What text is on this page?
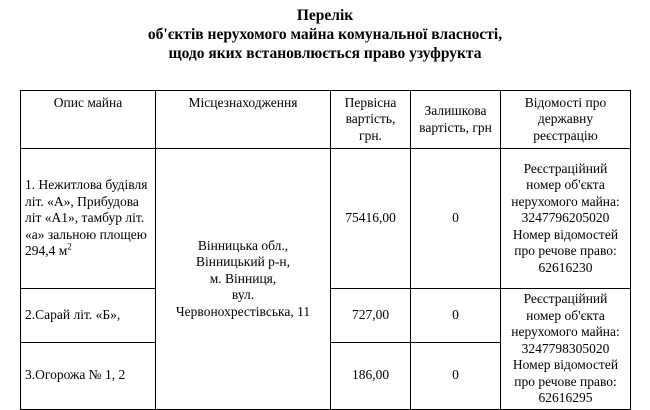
Перелік
об'єктів нерухомого майна комунальної власності,
щодо яких встановлюється право узуфрукта
Опис майна	Місцезнаходження	Первісна вартість, грн.	Залишкова вартість, грн	Відомості про державну реєстрацію
1. Нежитлова будівля літ. «А», Прибудова літ «А1», тамбур літ. «а» зальною площею 294,4 $м^2$	Вінницька обл.,
Вінницький р-н,
м. Вінниця,
вул.
Червонохрестівська, 11	75416,00	0	Реєстраційний номер об'єкта нерухомого майна:
3247796205020
Номер відомостей про речове право:
62616230

2.Сарай літ. «Б»,		727,00	0	Реєстраційний номер об'єкта нерухомого майна:
3247798305020
Номер відомостей про речове право:
62616295

3.Огорожа № 1, 2		186,00	0	
